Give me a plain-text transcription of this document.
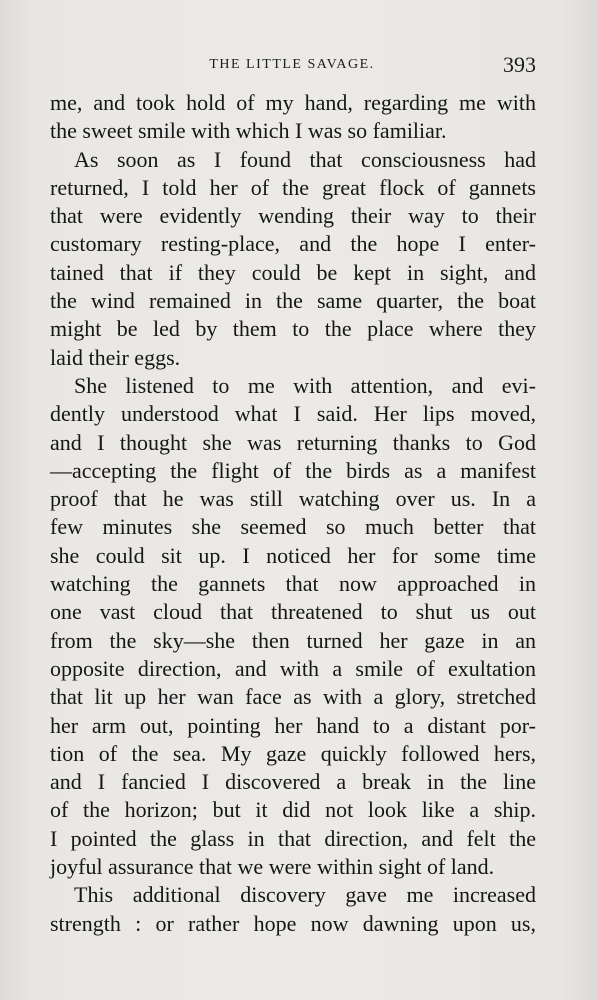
THE LITTLE SAVAGE.	393
me, and took hold of my hand, regarding me with
the sweet smile with which I was so familiar.
As soon as I found that consciousness had
returned, I told her of the great flock of gannets
that were evidently wending their way to their
customary resting-place, and the hope I enter-
tained that if they could be kept in sight, and
the wind remained in the same quarter, the boat
might be led by them to the place where they
laid their eggs.
She listened to me with attention, and evi-
dently understood what I said. Her lips moved,
and I thought she was returning thanks to God
—accepting the flight of the birds as a manifest
proof that he was still watching over us. In a
few minutes she seemed so much better that
she could sit up. I noticed her for some time
watching the gannets that now approached in
one vast cloud that threatened to shut us out
from the sky—she then turned her gaze in an
opposite direction, and with a smile of exultation
that lit up her wan face as with a glory, stretched
her arm out, pointing her hand to a distant por-
tion of the sea. My gaze quickly followed hers,
and I fancied I discovered a break in the line
of the horizon; but it did not look like a ship.
I pointed the glass in that direction, and felt the
joyful assurance that we were within sight of land.
This additional discovery gave me increased
strength : or rather hope now dawning upon us,
